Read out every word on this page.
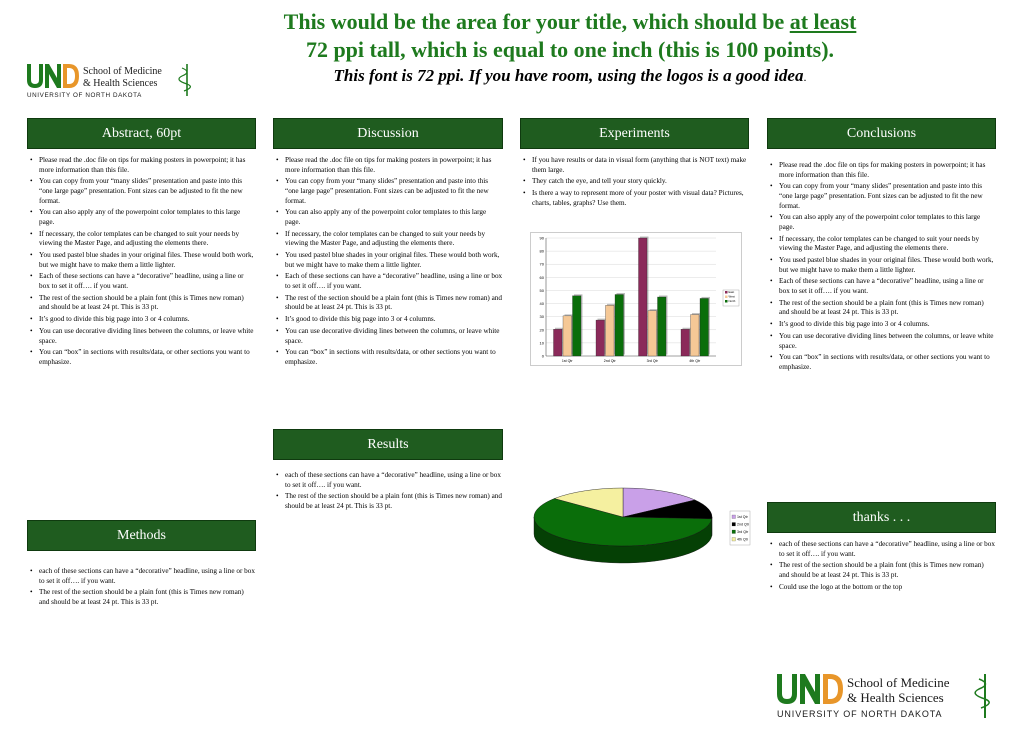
This would be the area for your title, which should be at least
72 ppi tall, which is equal to one inch (this is 100 points).
This font is 72 ppi. If you have room, using the logos is a good idea.
School of Medicine
& Health Sciences
UNIVERSITY OF NORTH DAKOTA
Abstract, 60pt	Discussion	Experiments	Conclusions
Methods
Results
thanks . . .
• Please read the .doc file on tips for making posters in powerpoint; it has more information than this file.
• You can copy from your “many slides” presentation and paste into this “one large page” presentation. Font sizes can be adjusted to fit the new format.
• You can also apply any of the powerpoint color templates to this large page.
• If necessary, the color templates can be changed to suit your needs by viewing the Master Page, and adjusting the elements there.
• You used pastel blue shades in your original files. These would both work, but we might have to make them a little lighter.
• Each of these sections can have a “decorative” headline, using a line or box to set it off…. if you want.
• The rest of the section should be a plain font (this is Times new roman) and should be at least 24 pt. This is 33 pt.
• It’s good to divide this big page into 3 or 4 columns.
• You can use decorative dividing lines between the columns, or leave white space.
• You can “box” in sections with results/data, or other sections you want to emphasize.
• Please read the .doc file on tips for making posters in powerpoint; it has more information than this file.
• You can copy from your “many slides” presentation and paste into this “one large page” presentation. Font sizes can be adjusted to fit the new format.
• You can also apply any of the powerpoint color templates to this large page.
• If necessary, the color templates can be changed to suit your needs by viewing the Master Page, and adjusting the elements there.
• You used pastel blue shades in your original files. These would both work, but we might have to make them a little lighter.
• Each of these sections can have a “decorative” headline, using a line or box to set it off…. if you want.
• The rest of the section should be a plain font (this is Times new roman) and should be at least 24 pt. This is 33 pt.
• It’s good to divide this big page into 3 or 4 columns.
• You can use decorative dividing lines between the columns, or leave white space.
• You can “box” in sections with results/data, or other sections you want to emphasize.
• If you have results or data in visual form (anything that is NOT text) make them large.
• They catch the eye, and tell your story quickly.
• Is there a way to represent more of your poster with visual data? Pictures, charts, tables, graphs? Use them.
• Please read the .doc file on tips for making posters in powerpoint; it has more information than this file.
• You can copy from your “many slides” presentation and paste into this “one large page” presentation. Font sizes can be adjusted to fit the new format.
• You can also apply any of the powerpoint color templates to this large page.
• If necessary, the color templates can be changed to suit your needs by viewing the Master Page, and adjusting the elements there.
• You used pastel blue shades in your original files. These would both work, but we might have to make them a little lighter.
• Each of these sections can have a “decorative” headline, using a line or box to set it off…. if you want.
• The rest of the section should be a plain font (this is Times new roman) and should be at least 24 pt. This is 33 pt.
• It’s good to divide this big page into 3 or 4 columns.
• You can use decorative dividing lines between the columns, or leave white space.
• You can “box” in sections with results/data, or other sections you want to emphasize.
• each of these sections can have a “decorative” headline, using a line or box to set it off…. if you want.
• The rest of the section should be a plain font (this is Times new roman) and should be at least 24 pt. This is 33 pt.
• each of these sections can have a “decorative” headline, using a line or box to set it off…. if you want.
• The rest of the section should be a plain font (this is Times new roman) and should be at least 24 pt. This is 33 pt.
• each of these sections can have a “decorative” headline, using a line or box to set it off…. if you want.
• The rest of the section should be a plain font (this is Times new roman) and should be at least 24 pt. This is 33 pt.
• Could use the logo at the bottom or the top
0
10
20
30
40
50
60
70
80
90
1st Qtr	2nd Qtr	3rd Qtr	4th Qtr
East
West
North
1st Qtr
2nd Qtr
3rd Qtr
4th Qtr
School of Medicine
& Health Sciences
UNIVERSITY OF NORTH DAKOTA
